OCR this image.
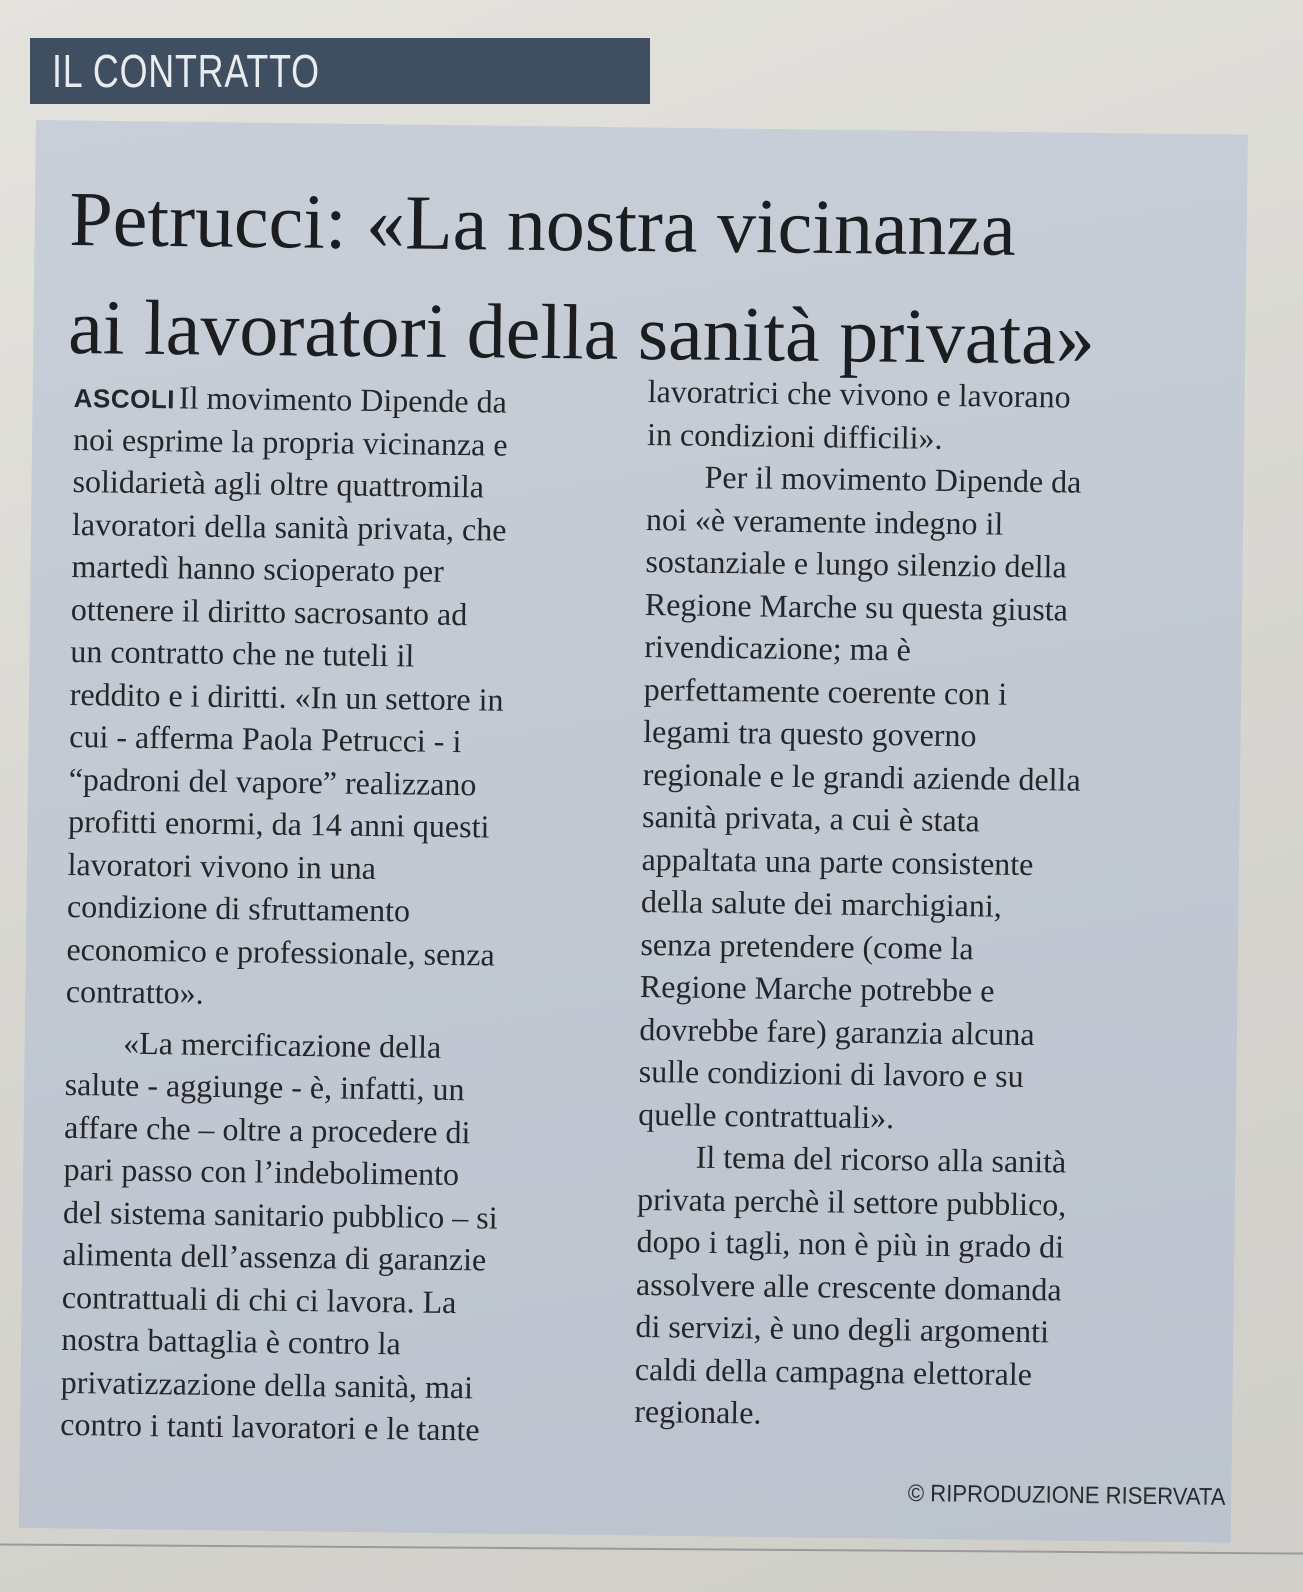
IL CONTRATTO
Petrucci: «La nostra vicinanza
ai lavoratori della sanità privata»
ASCOLI Il movimento Dipende da
noi esprime la propria vicinanza e
solidarietà agli oltre quattromila
lavoratori della sanità privata, che
martedì hanno scioperato per
ottenere il diritto sacrosanto ad
un contratto che ne tuteli il
reddito e i diritti. «In un settore in
cui - afferma Paola Petrucci - i
“padroni del vapore” realizzano
profitti enormi, da 14 anni questi
lavoratori vivono in una
condizione di sfruttamento
economico e professionale, senza
contratto».
«La mercificazione della
salute - aggiunge - è, infatti, un
affare che – oltre a procedere di
pari passo con l’indebolimento
del sistema sanitario pubblico – si
alimenta dell’assenza di garanzie
contrattuali di chi ci lavora. La
nostra battaglia è contro la
privatizzazione della sanità, mai
contro i tanti lavoratori e le tante
lavoratrici che vivono e lavorano
in condizioni difficili».
Per il movimento Dipende da
noi «è veramente indegno il
sostanziale e lungo silenzio della
Regione Marche su questa giusta
rivendicazione; ma è
perfettamente coerente con i
legami tra questo governo
regionale e le grandi aziende della
sanità privata, a cui è stata
appaltata una parte consistente
della salute dei marchigiani,
senza pretendere (come la
Regione Marche potrebbe e
dovrebbe fare) garanzia alcuna
sulle condizioni di lavoro e su
quelle contrattuali».
Il tema del ricorso alla sanità
privata perchè il settore pubblico,
dopo i tagli, non è più in grado di
assolvere alle crescente domanda
di servizi, è uno degli argomenti
caldi della campagna elettorale
regionale.
© RIPRODUZIONE RISERVATA
